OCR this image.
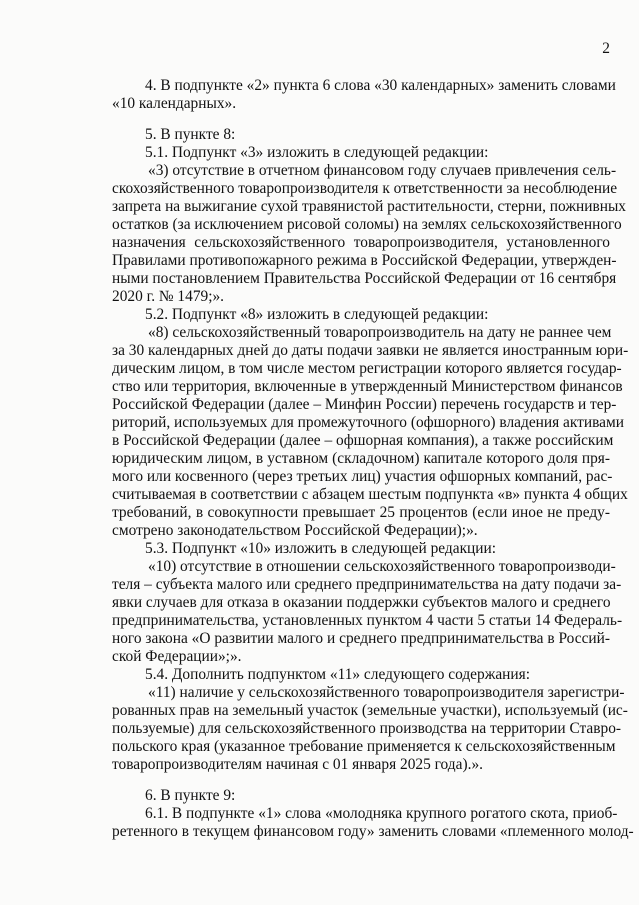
2
4. В подпункте «2» пункта 6 слова «30 календарных» заменить словами
«10 календарных».
5. В пункте 8:
5.1. Подпункт «3» изложить в следующей редакции:
«3) отсутствие в отчетном финансовом году случаев привлечения сель-
скохозяйственного товаропроизводителя к ответственности за несоблюдение
запрета на выжигание сухой травянистой растительности, стерни, пожнивных
остатков (за исключением рисовой соломы) на землях сельскохозяйственного
назначения сельскохозяйственного товаропроизводителя, установленного
Правилами противопожарного режима в Российской Федерации, утвержден-
ными постановлением Правительства Российской Федерации от 16 сентября
2020 г. № 1479;».
5.2. Подпункт «8» изложить в следующей редакции:
«8) сельскохозяйственный товаропроизводитель на дату не раннее чем
за 30 календарных дней до даты подачи заявки не является иностранным юри-
дическим лицом, в том числе местом регистрации которого является государ-
ство или территория, включенные в утвержденный Министерством финансов
Российской Федерации (далее – Минфин России) перечень государств и тер-
риторий, используемых для промежуточного (офшорного) владения активами
в Российской Федерации (далее – офшорная компания), а также российским
юридическим лицом, в уставном (складочном) капитале которого доля пря-
мого или косвенного (через третьих лиц) участия офшорных компаний, рас-
считываемая в соответствии с абзацем шестым подпункта «в» пункта 4 общих
требований, в совокупности превышает 25 процентов (если иное не преду-
смотрено законодательством Российской Федерации);».
5.3. Подпункт «10» изложить в следующей редакции:
«10) отсутствие в отношении сельскохозяйственного товаропроизводи-
теля – субъекта малого или среднего предпринимательства на дату подачи за-
явки случаев для отказа в оказании поддержки субъектов малого и среднего
предпринимательства, установленных пунктом 4 части 5 статьи 14 Федераль-
ного закона «О развитии малого и среднего предпринимательства в Россий-
ской Федерации»;».
5.4. Дополнить подпунктом «11» следующего содержания:
«11) наличие у сельскохозяйственного товаропроизводителя зарегистри-
рованных прав на земельный участок (земельные участки), используемый (ис-
пользуемые) для сельскохозяйственного производства на территории Ставро-
польского края (указанное требование применяется к сельскохозяйственным
товаропроизводителям начиная с 01 января 2025 года).».
6. В пункте 9:
6.1. В подпункте «1» слова «молодняка крупного рогатого скота, приоб-
ретенного в текущем финансовом году» заменить словами «племенного молод-
